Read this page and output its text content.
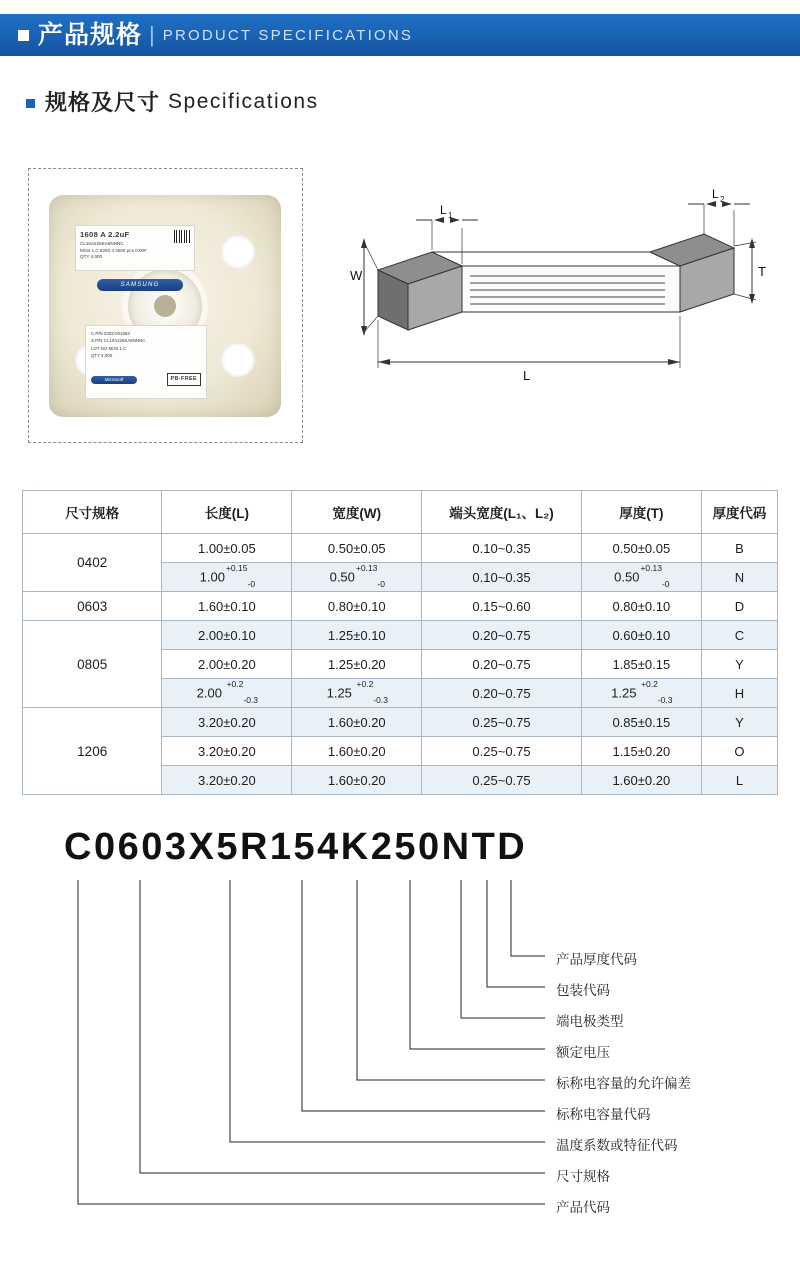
产品规格 | PRODUCT SPECIFICATIONS
规格及尺寸 Specifications
1608 A 2.2uF
CL10A225KA8NNNC
M/34 1.C 8250 4 4000 pcs 0.00F
QTY 4.000
SAMSUNG
C.P/N 3302-001693
S.P/N CL10A225KA8NNNC
LOT NO M/34 1.C
QTY 4,000
Microsoft	PB-FREE
W
L 1
L 2
T
L
尺寸规格	长度(L)	宽度(W)	端头宽度(L₁、L₂)	厚度(T)	厚度代码
0402	1.00±0.05	0.50±0.05	0.10~0.35	0.50±0.05	B
	$1.00^{+0.15}_{-0}$	$0.50^{+0.13}_{-0}$	0.10~0.35	$0.50^{+0.13}_{-0}$	N
0603	1.60±0.10	0.80±0.10	0.15~0.60	0.80±0.10	D
0805	2.00±0.10	1.25±0.10	0.20~0.75	0.60±0.10	C
	2.00±0.20	1.25±0.20	0.20~0.75	1.85±0.15	Y
	2.00 $^{+0.2}_{-0.3}$	1.25 $^{+0.2}_{-0.3}$	0.20~0.75	1.25 $^{+0.2}_{-0.3}$	H
1206	3.20±0.20	1.60±0.20	0.25~0.75	0.85±0.15	Y
	3.20±0.20	1.60±0.20	0.25~0.75	1.15±0.20	O
	3.20±0.20	1.60±0.20	0.25~0.75	1.60±0.20	L
C0603X5R154K250NTD
产品厚度代码
包装代码
端电极类型
额定电压
标称电容量的允许偏差
标称电容量代码
温度系数或特征代码
尺寸规格
产品代码
